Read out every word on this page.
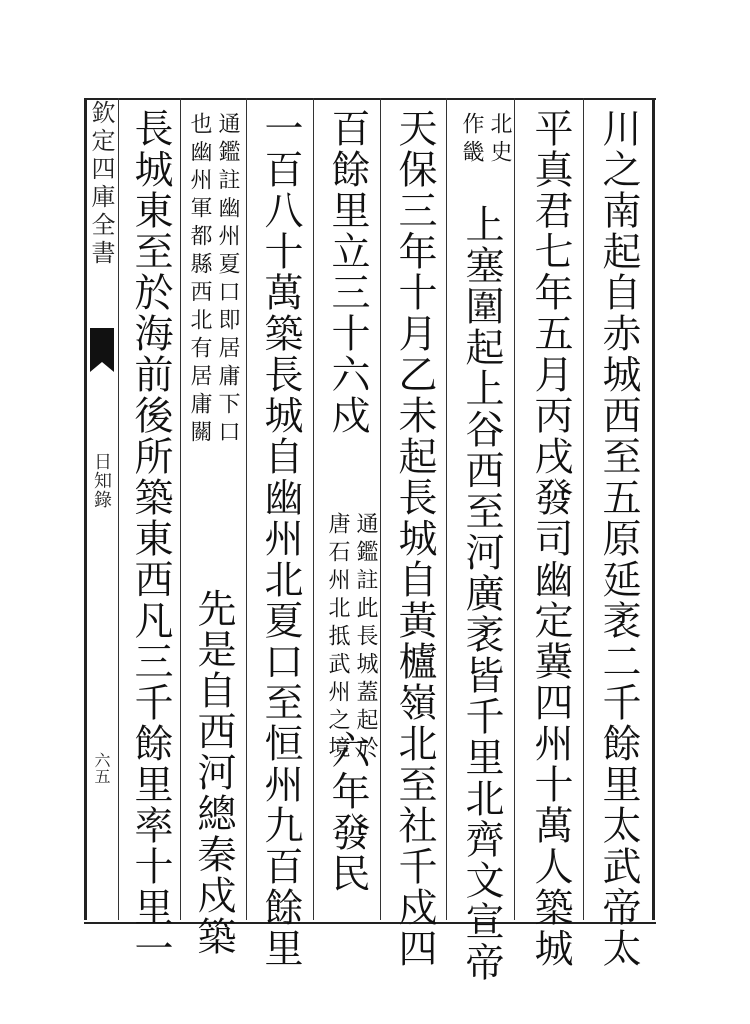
欽定四庫全書
日知錄
六五	川之南起自赤城西至五原延袤二千餘里太武帝太
平真君七年五月丙戌發司幽定冀四州十萬人築城
北史
作畿
上塞圍起上谷西至河廣袤皆千里北齊文宣帝
天保三年十月乙未起長城自黃櫨嶺北至社千戍四
百餘里立三十六戍
通鑑註此長城蓋起於
唐石州北抵武州之境
六年發民
一百八十萬築長城自幽州北夏口至恒州九百餘里
通鑑註幽州夏口即居庸下口
也幽州軍都縣西北有居庸關
先是自西河總秦戍築
長城東至於海前後所築東西凡三千餘里率十里一
